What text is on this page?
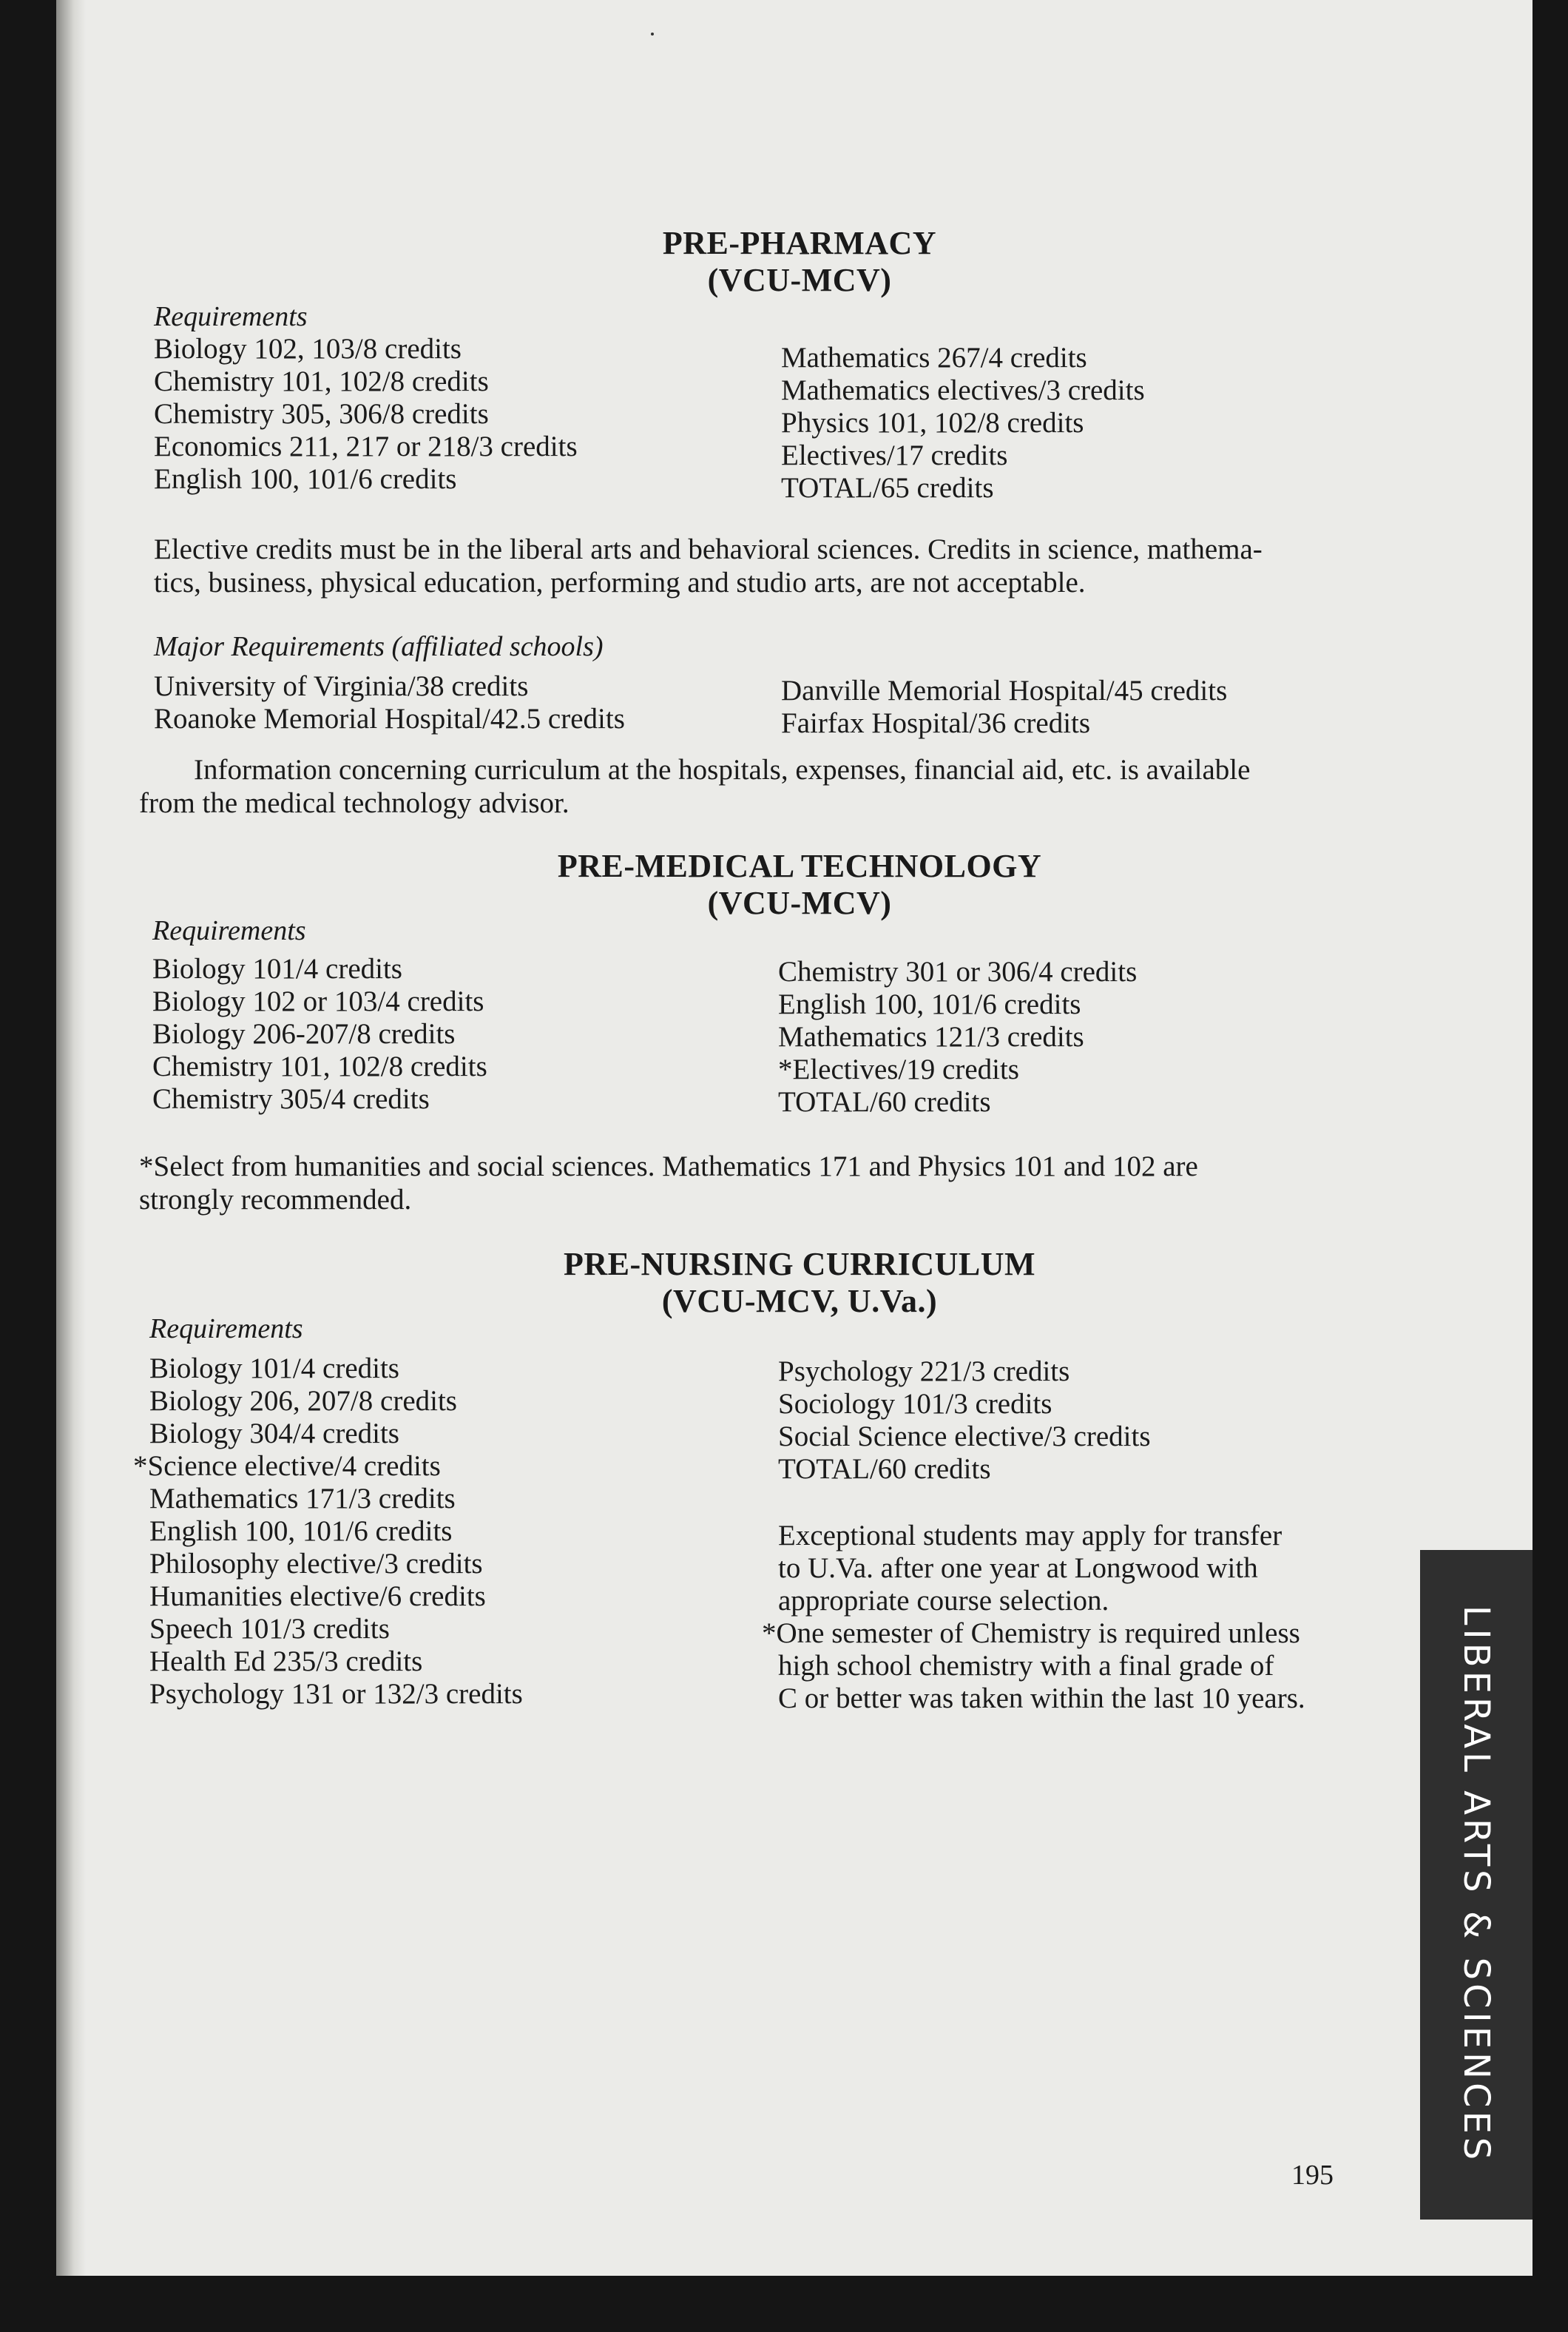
PRE-PHARMACY
(VCU-MCV)
Requirements
Biology 102, 103/8 credits
Chemistry 101, 102/8 credits
Chemistry 305, 306/8 credits
Economics 211, 217 or 218/3 credits
English 100, 101/6 credits
Mathematics 267/4 credits
Mathematics electives/3 credits
Physics 101, 102/8 credits
Electives/17 credits
TOTAL/65 credits
Elective credits must be in the liberal arts and behavioral sciences. Credits in science, mathema-
tics, business, physical education, performing and studio arts, are not acceptable.
Major Requirements (affiliated schools)
University of Virginia/38 credits
Roanoke Memorial Hospital/42.5 credits
Danville Memorial Hospital/45 credits
Fairfax Hospital/36 credits
Information concerning curriculum at the hospitals, expenses, financial aid, etc. is available
from the medical technology advisor.
PRE-MEDICAL TECHNOLOGY
(VCU-MCV)
Requirements
Biology 101/4 credits
Biology 102 or 103/4 credits
Biology 206-207/8 credits
Chemistry 101, 102/8 credits
Chemistry 305/4 credits
Chemistry 301 or 306/4 credits
English 100, 101/6 credits
Mathematics 121/3 credits
*Electives/19 credits
TOTAL/60 credits
*Select from humanities and social sciences. Mathematics 171 and Physics 101 and 102 are
strongly recommended.
PRE-NURSING CURRICULUM
(VCU-MCV, U.Va.)
Requirements
Biology 101/4 credits
Biology 206, 207/8 credits
Biology 304/4 credits
*Science elective/4 credits
Mathematics 171/3 credits
English 100, 101/6 credits
Philosophy elective/3 credits
Humanities elective/6 credits
Speech 101/3 credits
Health Ed 235/3 credits
Psychology 131 or 132/3 credits
Psychology 221/3 credits
Sociology 101/3 credits
Social Science elective/3 credits
TOTAL/60 credits
Exceptional students may apply for transfer
to U.Va. after one year at Longwood with
appropriate course selection.
*One semester of Chemistry is required unless
high school chemistry with a final grade of
C or better was taken within the last 10 years.
195
LIBERAL ARTS & SCIENCES
